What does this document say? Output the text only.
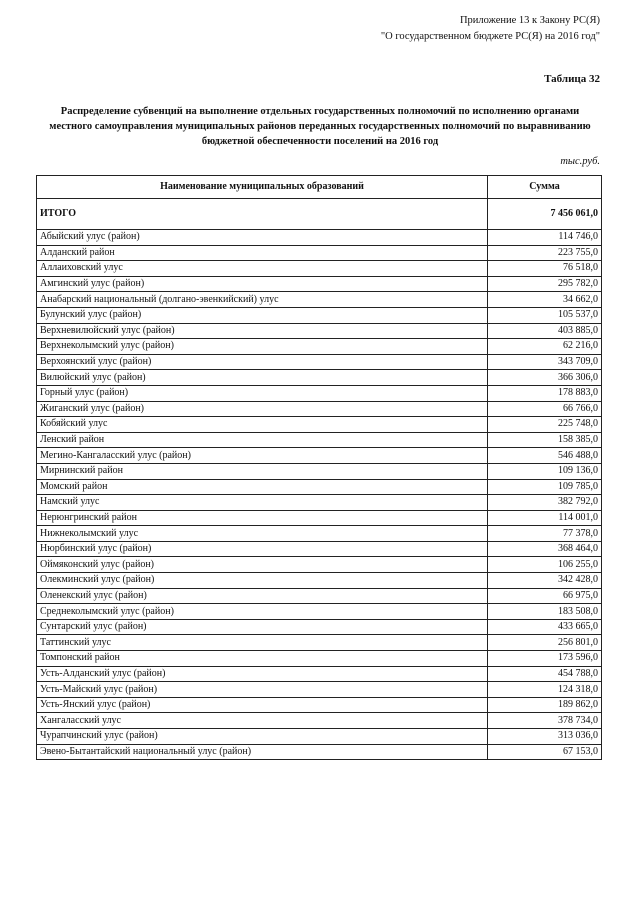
Приложение 13 к Закону РС(Я)
"О государственном бюджете РС(Я) на 2016 год"
Таблица 32
Распределение субвенций на выполнение отдельных государственных полномочий по исполнению органами местного самоуправления муниципальных районов переданных государственных полномочий по выравниванию бюджетной обеспеченности поселений на 2016 год
тыс.руб.
Наименование муниципальных образований	Сумма
ИТОГО	7 456 061,0
Абыйский улус (район)	114 746,0
Алданский район	223 755,0
Аллаиховский улус	76 518,0
Амгинский улус (район)	295 782,0
Анабарский национальный (долгано-эвенкийский) улус	34 662,0
Булунский улус (район)	105 537,0
Верхневилюйский улус (район)	403 885,0
Верхнеколымский улус (район)	62 216,0
Верхоянский улус (район)	343 709,0
Вилюйский улус (район)	366 306,0
Горный улус (район)	178 883,0
Жиганский улус (район)	66 766,0
Кобяйский улус	225 748,0
Ленский район	158 385,0
Мегино-Кангаласский улус (район)	546 488,0
Мирнинский район	109 136,0
Момский район	109 785,0
Намский улус	382 792,0
Нерюнгринский район	114 001,0
Нижнеколымский улус	77 378,0
Нюрбинский улус (район)	368 464,0
Оймяконский улус (район)	106 255,0
Олекминский улус (район)	342 428,0
Оленекский улус (район)	66 975,0
Среднеколымский улус (район)	183 508,0
Сунтарский улус (район)	433 665,0
Таттинский улус	256 801,0
Томпонский район	173 596,0
Усть-Алданский улус (район)	454 788,0
Усть-Майский улус (район)	124 318,0
Усть-Янский улус (район)	189 862,0
Хангаласский улус	378 734,0
Чурапчинский улус (район)	313 036,0
Эвено-Бытантайский национальный улус (район)	67 153,0
